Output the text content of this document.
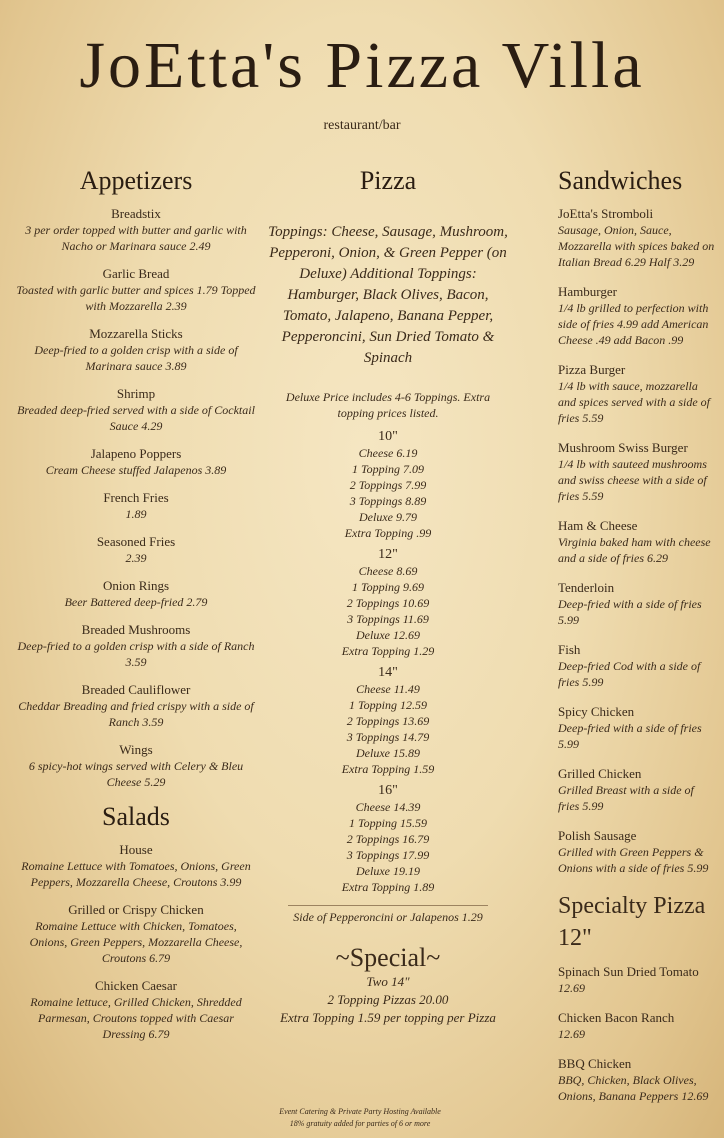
JoEtta's Pizza Villa
restaurant/bar
Appetizers
Breadstix
3 per order topped with butter and garlic with Nacho or Marinara sauce 2.49
Garlic Bread
Toasted with garlic butter and spices 1.79 Topped with Mozzarella 2.39
Mozzarella Sticks
Deep-fried to a golden crisp with a side of Marinara sauce 3.89
Shrimp
Breaded deep-fried served with a side of Cocktail Sauce 4.29
Jalapeno Poppers
Cream Cheese stuffed Jalapenos 3.89
French Fries
1.89
Seasoned Fries
2.39
Onion Rings
Beer Battered deep-fried 2.79
Breaded Mushrooms
Deep-fried to a golden crisp with a side of Ranch 3.59
Breaded Cauliflower
Cheddar Breading and fried crispy with a side of Ranch 3.59
Wings
6 spicy-hot wings served with Celery & Bleu Cheese 5.29
Salads
House
Romaine Lettuce with Tomatoes, Onions, Green Peppers, Mozzarella Cheese, Croutons 3.99
Grilled or Crispy Chicken
Romaine Lettuce with Chicken, Tomatoes, Onions, Green Peppers, Mozzarella Cheese, Croutons 6.79
Chicken Caesar
Romaine lettuce, Grilled Chicken, Shredded Parmesan, Croutons topped with Caesar Dressing 6.79
Pizza
Toppings: Cheese, Sausage, Mushroom, Pepperoni, Onion, & Green Pepper (on Deluxe) Additional Toppings: Hamburger, Black Olives, Bacon, Tomato, Jalapeno, Banana Pepper, Pepperoncini, Sun Dried Tomato & Spinach
Deluxe Price includes 4-6 Toppings. Extra topping prices listed.
10"
Cheese 6.19
1 Topping 7.09
2 Toppings 7.99
3 Toppings 8.89
Deluxe 9.79
Extra Topping .99
12"
Cheese 8.69
1 Topping 9.69
2 Toppings 10.69
3 Toppings 11.69
Deluxe 12.69
Extra Topping 1.29
14"
Cheese 11.49
1 Topping 12.59
2 Toppings 13.69
3 Toppings 14.79
Deluxe 15.89
Extra Topping 1.59
16"
Cheese 14.39
1 Topping 15.59
2 Toppings 16.79
3 Toppings 17.99
Deluxe 19.19
Extra Topping 1.89
Side of Pepperoncini or Jalapenos 1.29
~Special~
Two 14"
2 Topping Pizzas 20.00
Extra Topping 1.59 per topping per Pizza
Sandwiches
JoEtta's Stromboli
Sausage, Onion, Sauce, Mozzarella with spices baked on Italian Bread 6.29 Half 3.29
Hamburger
1/4 lb grilled to perfection with side of fries 4.99 add American Cheese .49 add Bacon .99
Pizza Burger
1/4 lb with sauce, mozzarella and spices served with a side of fries 5.59
Mushroom Swiss Burger
1/4 lb with sauteed mushrooms and swiss cheese with a side of fries 5.59
Ham & Cheese
Virginia baked ham with cheese and a side of fries 6.29
Tenderloin
Deep-fried with a side of fries 5.99
Fish
Deep-fried Cod with a side of fries 5.99
Spicy Chicken
Deep-fried with a side of fries 5.99
Grilled Chicken
Grilled Breast with a side of fries 5.99
Polish Sausage
Grilled with Green Peppers & Onions with a side of fries 5.99
Specialty Pizza 12"
Spinach Sun Dried Tomato
12.69
Chicken Bacon Ranch
12.69
BBQ Chicken
BBQ, Chicken, Black Olives, Onions, Banana Peppers 12.69
Event Catering & Private Party Hosting Available
18% gratuity added for parties of 6 or more
